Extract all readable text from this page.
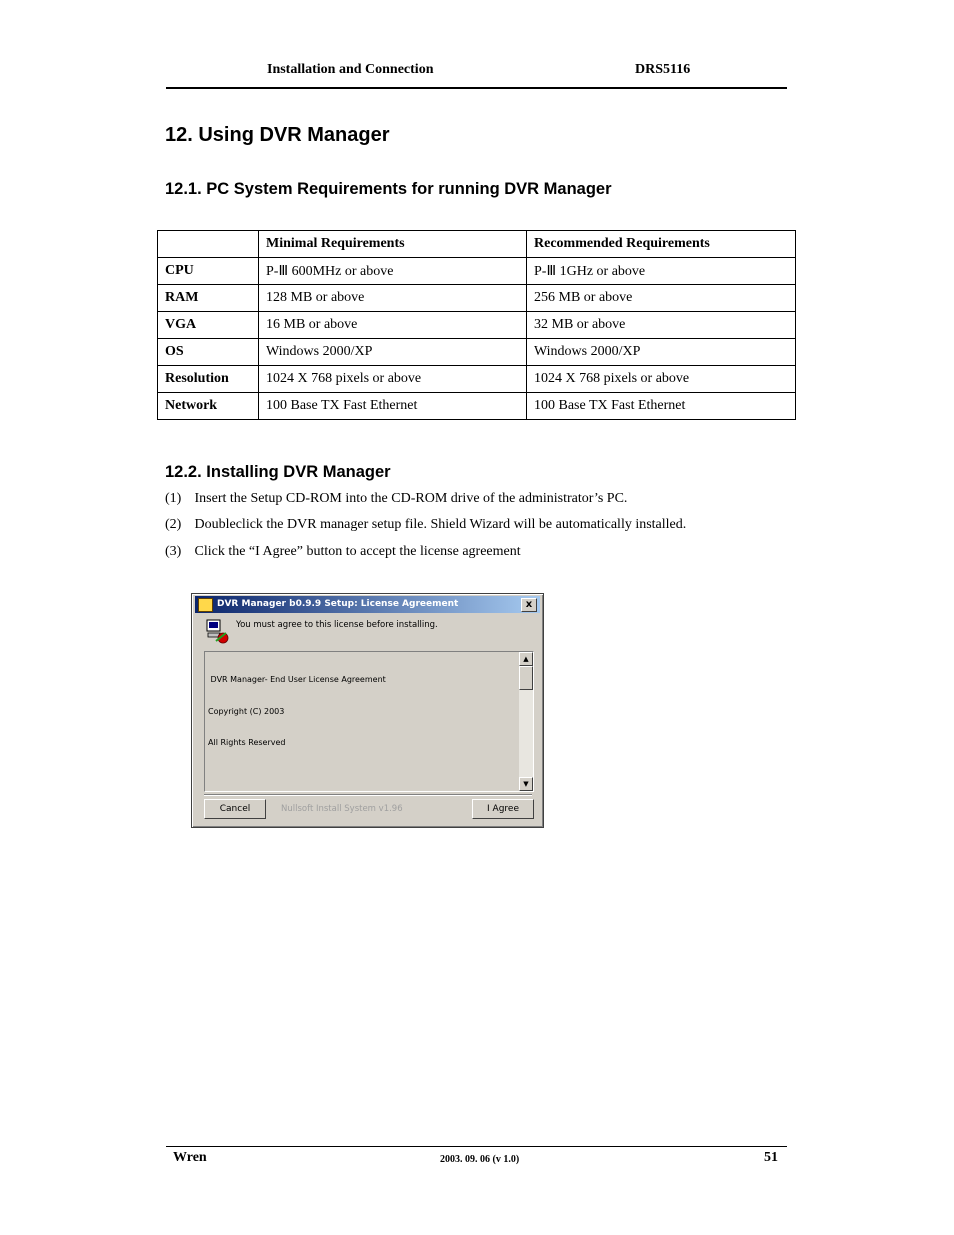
Installation and Connection	DRS5116
12. Using DVR Manager
12.1. PC System Requirements for running DVR Manager
	Minimal Requirements	Recommended Requirements
CPU	P-Ⅲ 600MHz or above	P-Ⅲ 1GHz or above
RAM	128 MB or above	256 MB or above
VGA	16 MB or above	32 MB or above
OS	Windows 2000/XP	Windows 2000/XP
Resolution	1024 X 768 pixels or above	1024 X 768 pixels or above
Network	100 Base TX Fast Ethernet	100 Base TX Fast Ethernet
12.2. Installing DVR Manager
(1) Insert the Setup CD-ROM into the CD-ROM drive of the administrator’s PC.
(2) Doubleclick the DVR manager setup file. Shield Wizard will be automatically installed.
(3) Click the “I Agree” button to accept the license agreement
DVR Manager b0.9.9 Setup: License Agreement	x
You must agree to this license before installing.

DVR Manager- End User License Agreement

Copyright (C) 2003

All Rights Reserved

▲
▼
Cancel	Nullsoft Install System v1.96	I Agree
Wren	2003. 09. 06 (v 1.0)	51
